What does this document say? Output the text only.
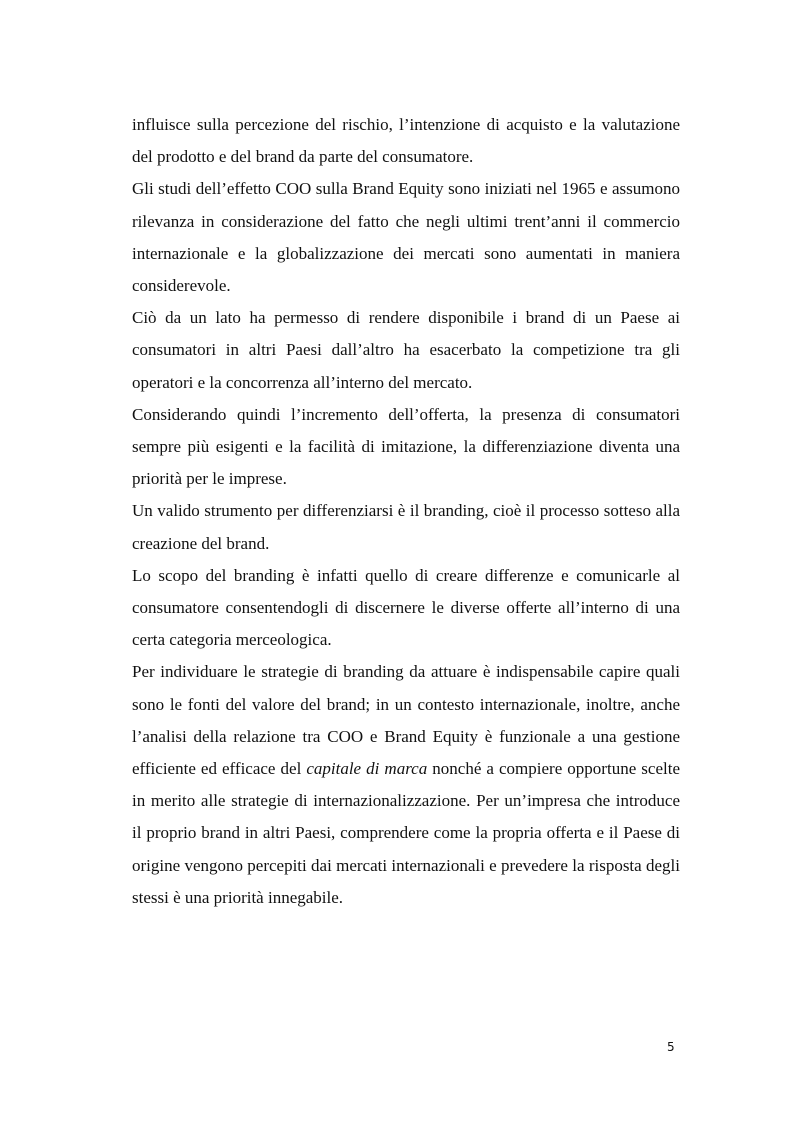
influisce sulla percezione del rischio, l’intenzione di acquisto e la valutazione del prodotto e del brand da parte del consumatore.

Gli studi dell’effetto COO sulla Brand Equity sono iniziati nel 1965 e assumono rilevanza in considerazione del fatto che negli ultimi trent’anni il commercio internazionale e la globalizzazione dei mercati sono aumentati in maniera considerevole.

Ciò da un lato ha permesso di rendere disponibile i brand di un Paese ai consumatori in altri Paesi dall’altro ha esacerbato la competizione tra gli operatori e la concorrenza all’interno del mercato.

Considerando quindi l’incremento dell’offerta, la presenza di consumatori sempre più esigenti e la facilità di imitazione, la differenziazione diventa una priorità per le imprese.

Un valido strumento per differenziarsi è il branding, cioè il processo sotteso alla creazione del brand.

Lo scopo del branding è infatti quello di creare differenze e comunicarle al consumatore consentendogli di discernere le diverse offerte all’interno di una certa categoria merceologica.

Per individuare le strategie di branding da attuare è indispensabile capire quali sono le fonti del valore del brand; in un contesto internazionale, inoltre, anche l’analisi della relazione tra COO e Brand Equity è funzionale a una gestione efficiente ed efficace del capitale di marca nonché a compiere opportune scelte in merito alle strategie di internazionalizzazione. Per un’impresa che introduce il proprio brand in altri Paesi, comprendere come la propria offerta e il Paese di origine vengono percepiti dai mercati internazionali e prevedere la risposta degli stessi è una priorità innegabile.

5
